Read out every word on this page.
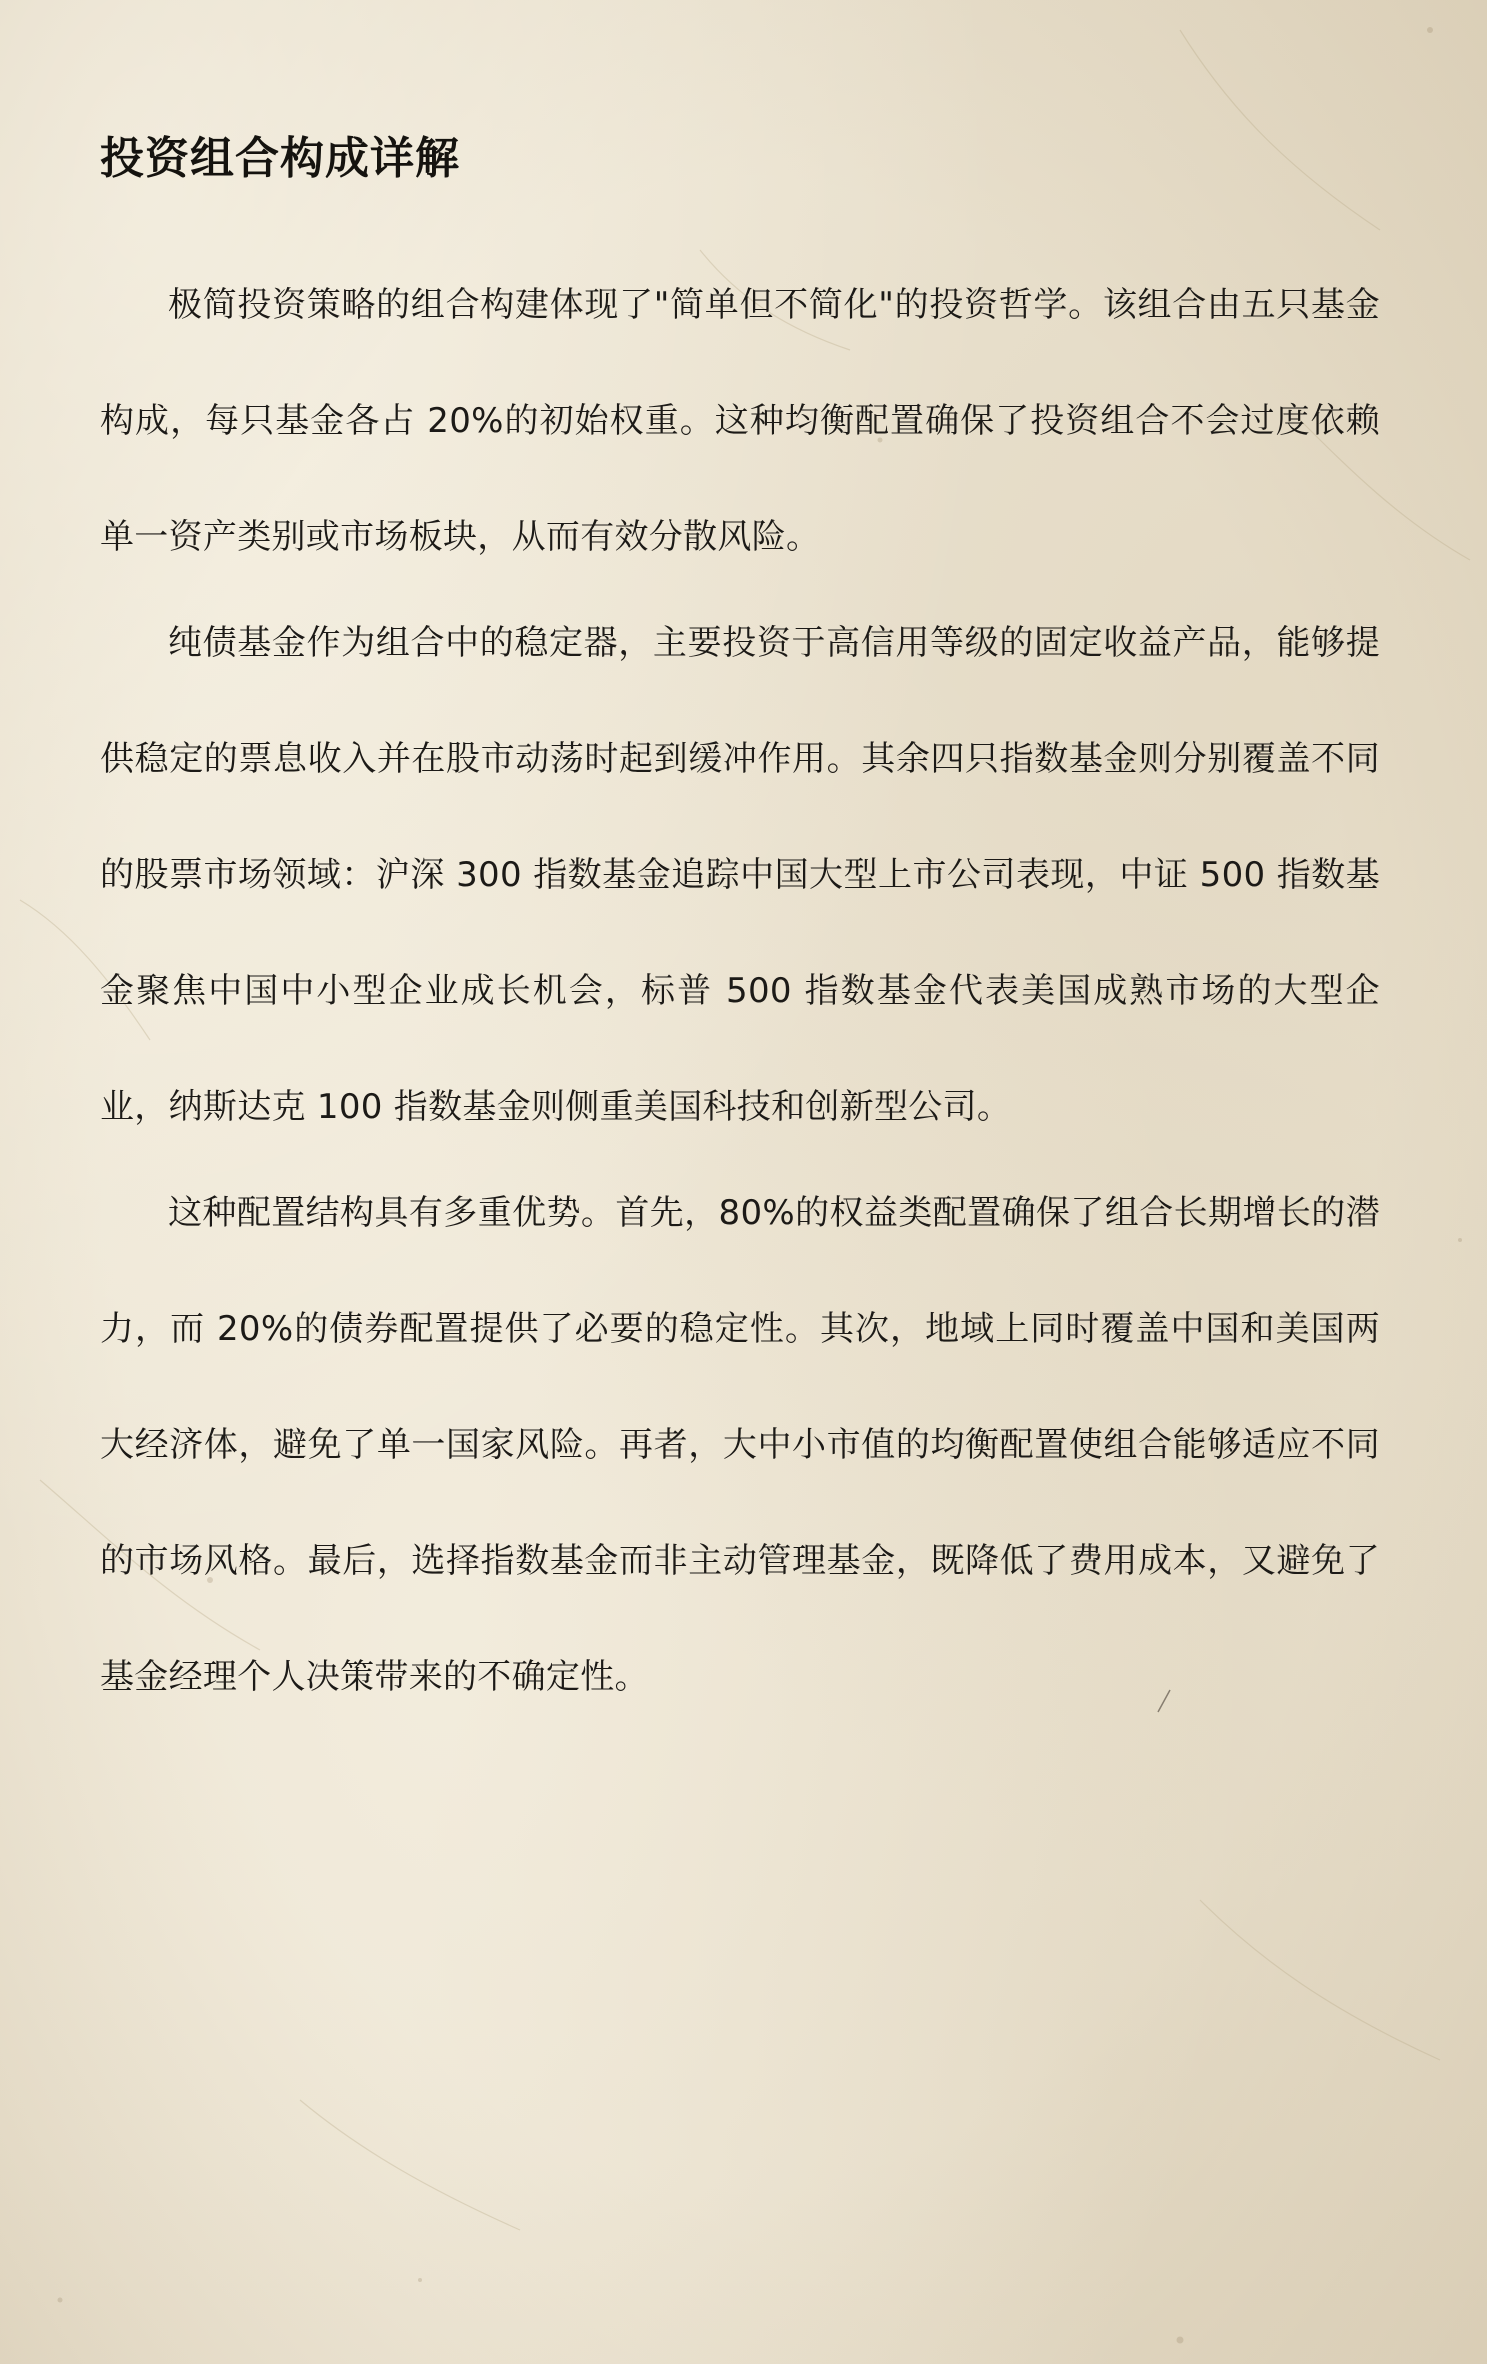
投资组合构成详解

极简投资策略的组合构建体现了"简单但不简化"的投资哲学。该组合由五只基金构成，每只基金各占 20%的初始权重。这种均衡配置确保了投资组合不会过度依赖单一资产类别或市场板块，从而有效分散风险。

纯债基金作为组合中的稳定器，主要投资于高信用等级的固定收益产品，能够提供稳定的票息收入并在股市动荡时起到缓冲作用。其余四只指数基金则分别覆盖不同的股票市场领域：沪深 300 指数基金追踪中国大型上市公司表现，中证 500 指数基金聚焦中国中小型企业成长机会，标普 500 指数基金代表美国成熟市场的大型企业，纳斯达克 100 指数基金则侧重美国科技和创新型公司。

这种配置结构具有多重优势。首先，80%的权益类配置确保了组合长期增长的潜力，而 20%的债券配置提供了必要的稳定性。其次，地域上同时覆盖中国和美国两大经济体，避免了单一国家风险。再者，大中小市值的均衡配置使组合能够适应不同的市场风格。最后，选择指数基金而非主动管理基金，既降低了费用成本，又避免了基金经理个人决策带来的不确定性。
